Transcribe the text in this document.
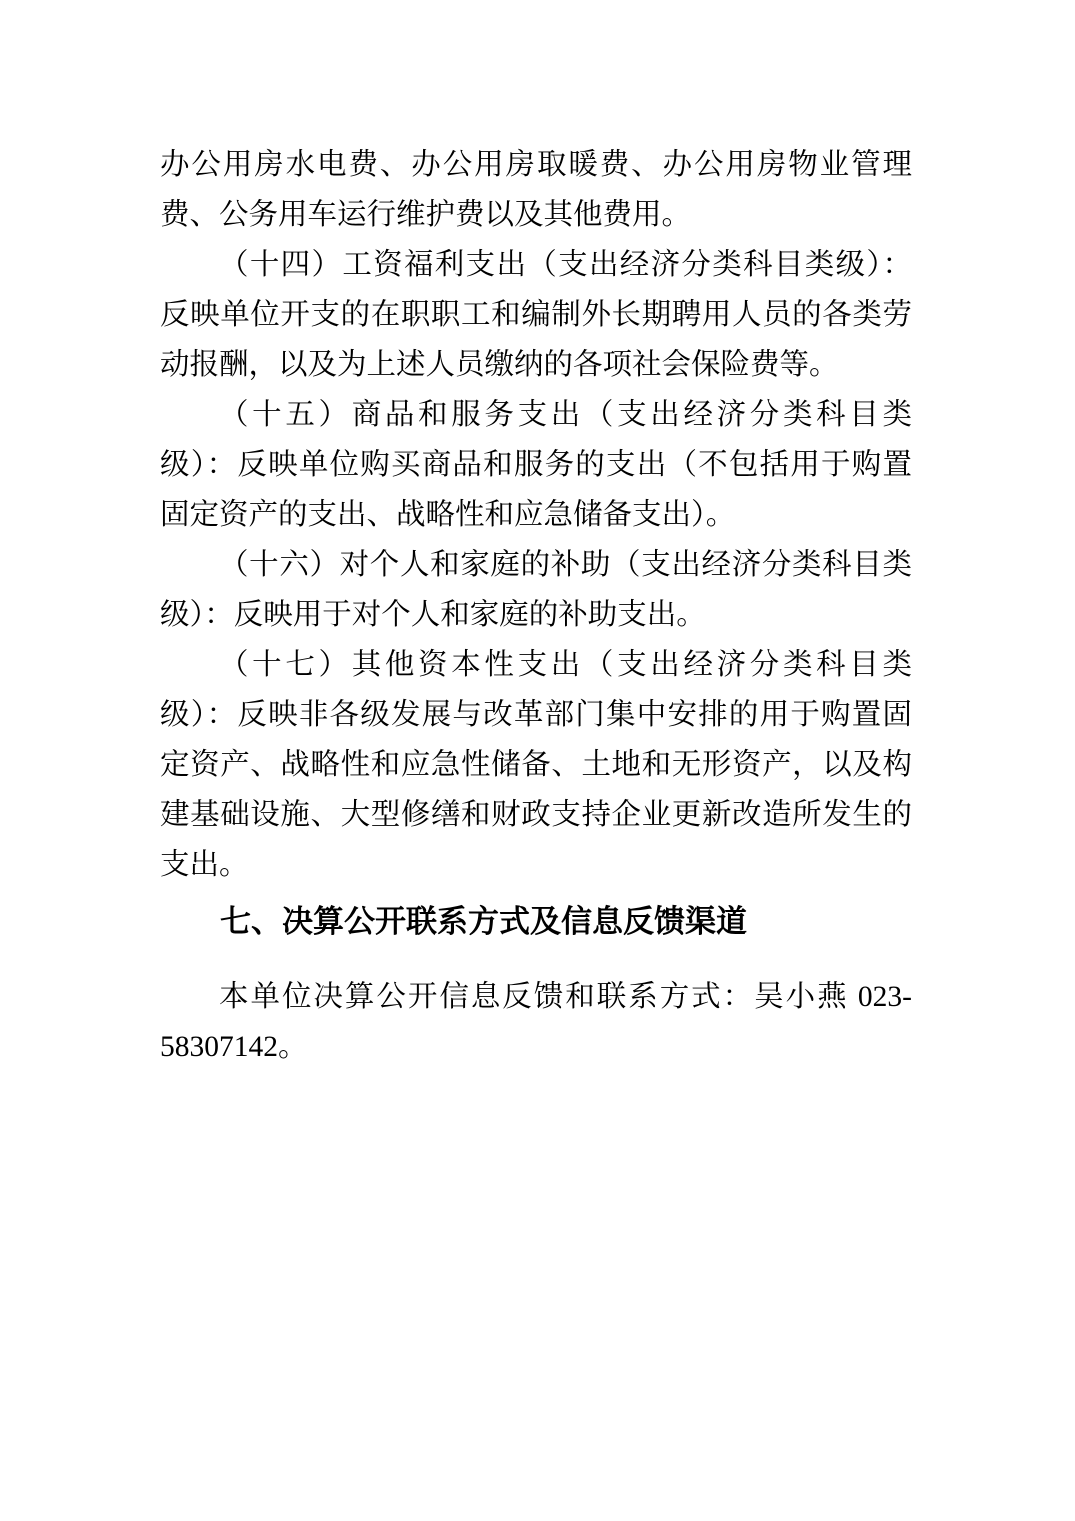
办公用房水电费、办公用房取暖费、办公用房物业管理
费、公务用车运行维护费以及其他费用。
（十四）工资福利支出（支出经济分类科目类级）：
反映单位开支的在职职工和编制外长期聘用人员的各类劳
动报酬，以及为上述人员缴纳的各项社会保险费等。
（十五）商品和服务支出（支出经济分类科目类
级）：反映单位购买商品和服务的支出（不包括用于购置
固定资产的支出、战略性和应急储备支出）。
（十六）对个人和家庭的补助（支出经济分类科目类
级）：反映用于对个人和家庭的补助支出。
（十七）其他资本性支出（支出经济分类科目类
级）：反映非各级发展与改革部门集中安排的用于购置固
定资产、战略性和应急性储备、土地和无形资产，以及构
建基础设施、大型修缮和财政支持企业更新改造所发生的
支出。
七、决算公开联系方式及信息反馈渠道
本单位决算公开信息反馈和联系方式：吴小燕 023-
58307142。
